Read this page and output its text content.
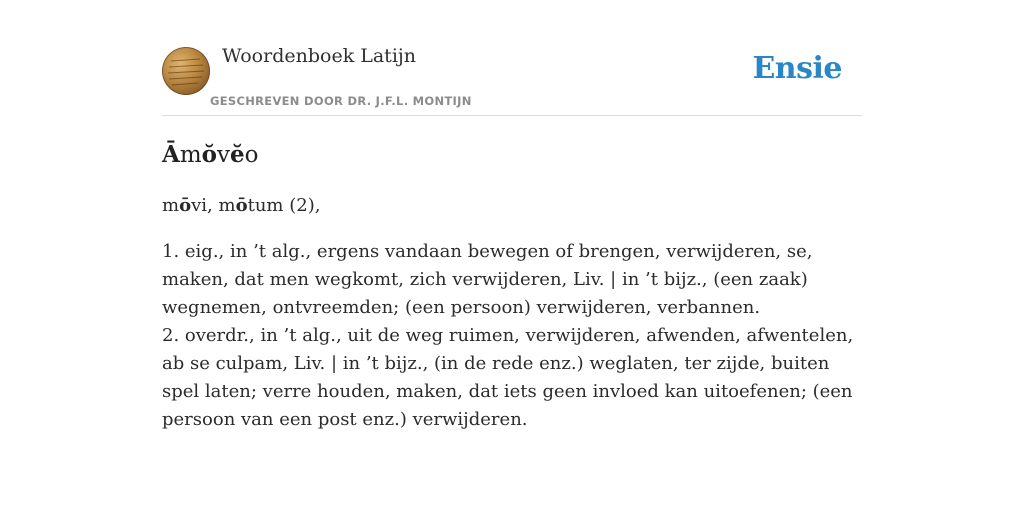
Woordenboek Latijn
GESCHREVEN DOOR DR. J.F.L. MONTIJN
Ensie
Āmŏvĕo
mōvi, mōtum (2),

1. eig., in ’t alg., ergens vandaan bewegen of brengen, verwijderen, se, maken, dat men wegkomt, zich verwijderen, Liv. | in ’t bijz., (een zaak) wegnemen, ontvreemden; (een persoon) verwijderen, verbannen.

2. overdr., in ’t alg., uit de weg ruimen, verwijderen, afwenden, afwentelen, ab se culpam, Liv. | in ’t bijz., (in de rede enz.) weglaten, ter zijde, buiten spel laten; verre houden, maken, dat iets geen invloed kan uitoefenen; (een persoon van een post enz.) verwijderen.
